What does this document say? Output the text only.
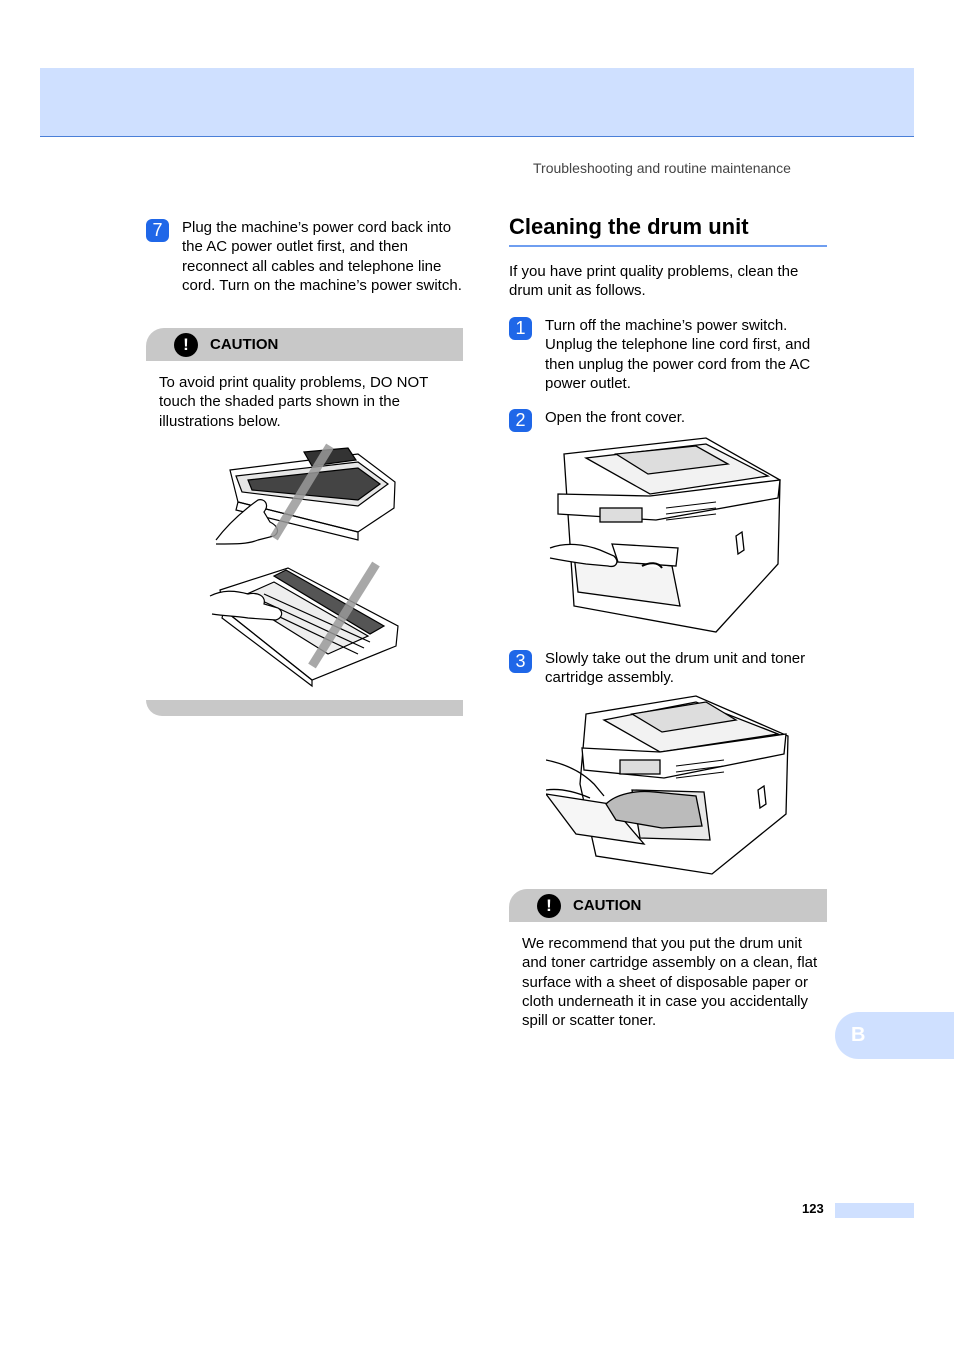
Troubleshooting and routine maintenance
7	Plug the machine’s power cord back into the AC power outlet first, and then reconnect all cables and telephone line cord. Turn on the machine’s power switch.
!	CAUTION
To avoid print quality problems, DO NOT touch the shaded parts shown in the illustrations below.
Cleaning the drum unit
If you have print quality problems, clean the drum unit as follows.
1	Turn off the machine’s power switch. Unplug the telephone line cord first, and then unplug the power cord from the AC power outlet.
2	Open the front cover.
3	Slowly take out the drum unit and toner cartridge assembly.
!	CAUTION
We recommend that you put the drum unit and toner cartridge assembly on a clean, flat surface with a sheet of disposable paper or cloth underneath it in case you accidentally spill or scatter toner.
B
123
